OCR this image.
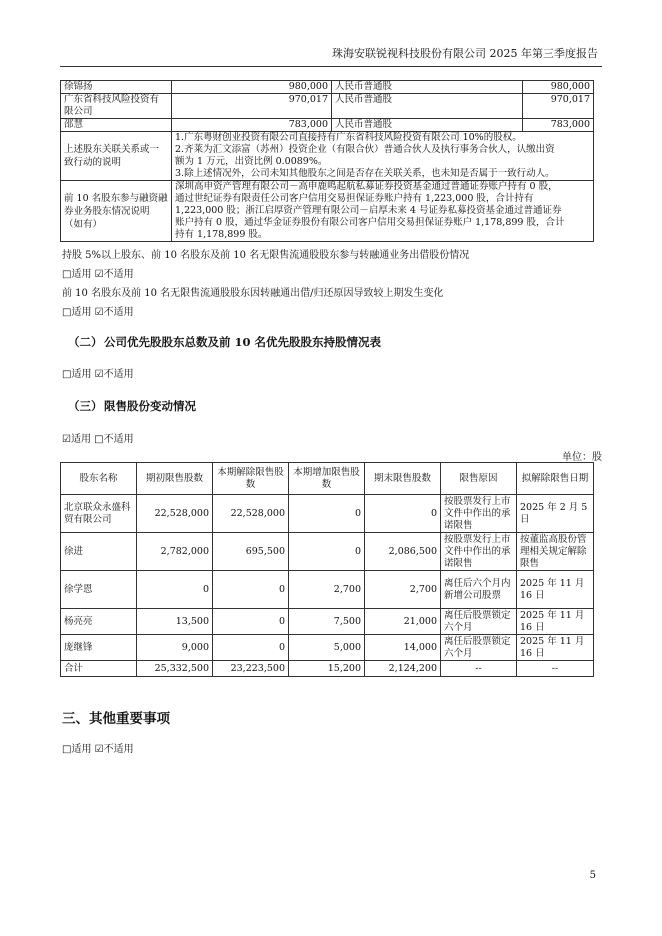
珠海安联锐视科技股份有限公司 2025 年第三季度报告
徐锦扬	980,000	人民币普通股	980,000
广东省科技风险投资有限公司	970,017	人民币普通股	970,017
邵慧	783,000	人民币普通股	783,000
上述股东关联关系或一致行动的说明	1.广东粤财创业投资有限公司直接持有广东省科技风险投资有限公司 10%的股权。
2.齐莱为汇文添富（苏州）投资企业（有限合伙）普通合伙人及执行事务合伙人，认缴出资
额为 1 万元，出资比例 0.0089%。
3.除上述情况外，公司未知其他股东之间是否存在关联关系，也未知是否属于一致行动人。		

前 10 名股东参与融资融券业务股东情况说明（如有）	深圳高申资产管理有限公司－高申鹿鸣起航私募证券投资基金通过普通证券账户持有 0 股，
通过世纪证券有限责任公司客户信用交易担保证券账户持有 1,223,000 股，合计持有
1,223,000 股；浙江启厚资产管理有限公司－启厚未来 4 号证券私募投资基金通过普通证券
账户持有 0 股，通过华金证券股份有限公司客户信用交易担保证券账户 1,178,899 股，合计
持有 1,178,899 股。		
持股 5%以上股东、前 10 名股东及前 10 名无限售流通股股东参与转融通业务出借股份情况
□适用 ☑不适用
前 10 名股东及前 10 名无限售流通股股东因转融通出借/归还原因导致较上期发生变化
□适用 ☑不适用
（二） 公司优先股股东总数及前 10 名优先股股东持股情况表
□适用 ☑不适用
（三） 限售股份变动情况
☑适用 □不适用
单位：股
股东名称	期初限售股数	本期解除限售股数	本期增加限售股数	期末限售股数	限售原因	拟解除限售日期
北京联众永盛科贸有限公司	22,528,000	22,528,000	0	0	按股票发行上市文件中作出的承诺限售	2025 年 2 月 5 日
徐进	2,782,000	695,500	0	2,086,500	按股票发行上市文件中作出的承诺限售	按董监高股份管理相关规定解除限售
徐学恩	0	0	2,700	2,700	离任后六个月内新增公司股票	2025 年 11 月 16 日
杨亮亮	13,500	0	7,500	21,000	离任后股票锁定六个月	2025 年 11 月 16 日
庞继锋	9,000	0	5,000	14,000	离任后股票锁定六个月	2025 年 11 月 16 日
合计	25,332,500	23,223,500	15,200	2,124,200	--	--
三、其他重要事项
□适用 ☑不适用
5
